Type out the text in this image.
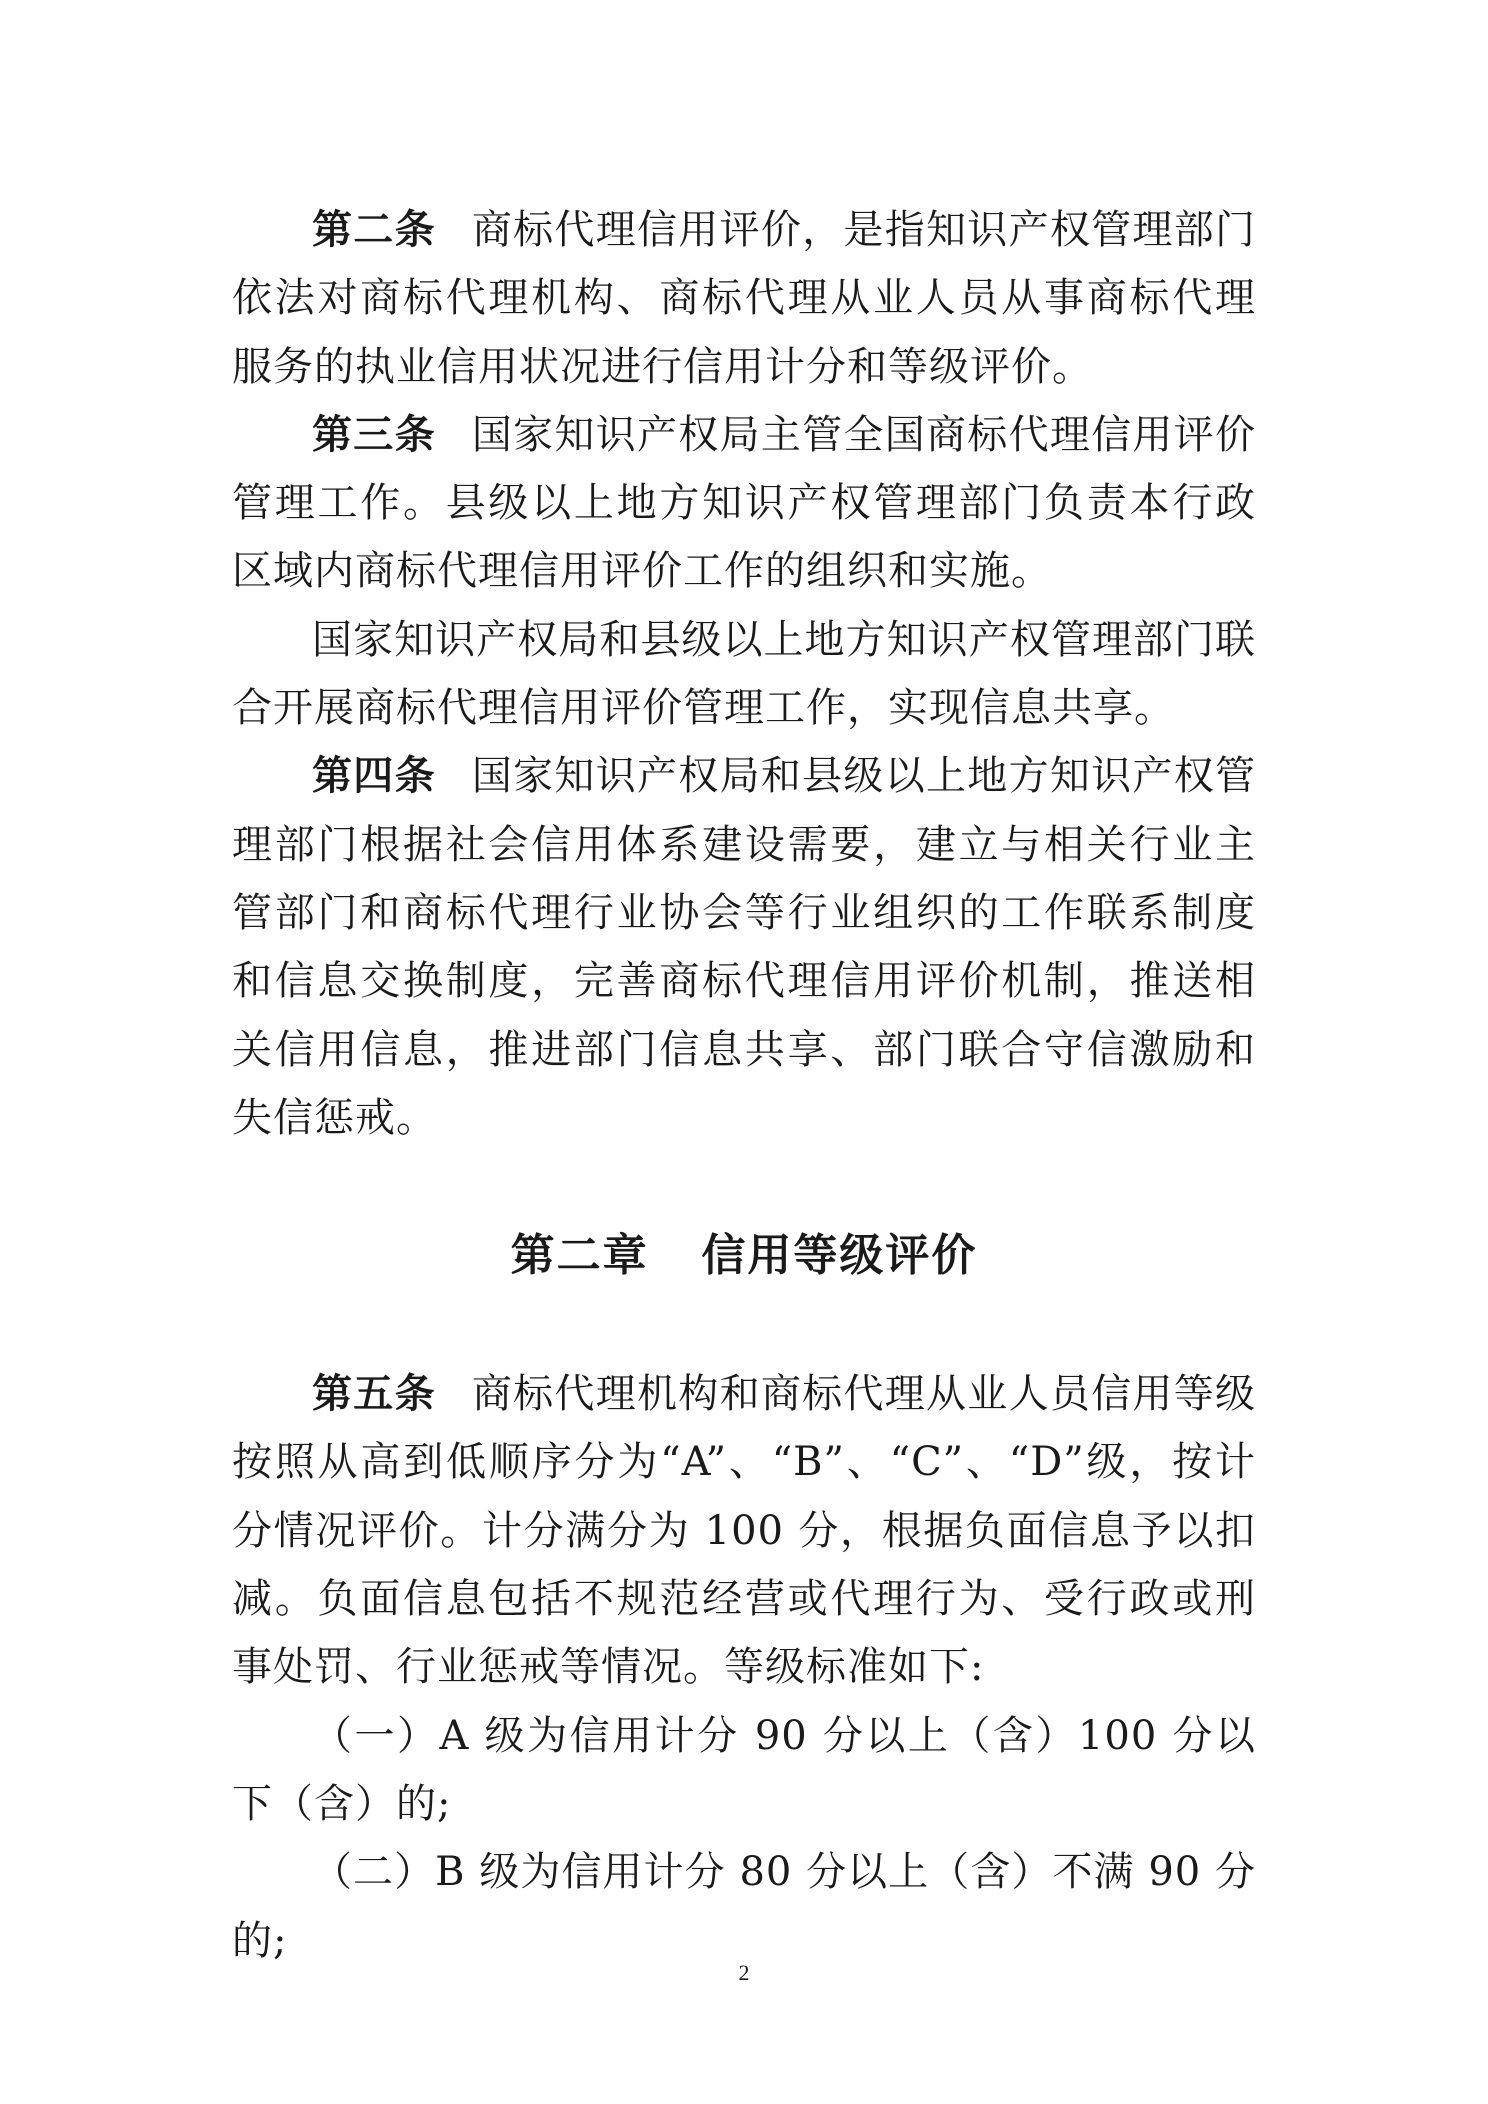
第二条 商标代理信用评价，是指知识产权管理部门依法对商标代理机构、商标代理从业人员从事商标代理服务的执业信用状况进行信用计分和等级评价。

第三条 国家知识产权局主管全国商标代理信用评价管理工作。县级以上地方知识产权管理部门负责本行政区域内商标代理信用评价工作的组织和实施。

国家知识产权局和县级以上地方知识产权管理部门联合开展商标代理信用评价管理工作，实现信息共享。

第四条 国家知识产权局和县级以上地方知识产权管理部门根据社会信用体系建设需要，建立与相关行业主管部门和商标代理行业协会等行业组织的工作联系制度和信息交换制度，完善商标代理信用评价机制，推送相关信用信息，推进部门信息共享、部门联合守信激励和失信惩戒。

第二章 信用等级评价

第五条 商标代理机构和商标代理从业人员信用等级按照从高到低顺序分为“A”、“B”、“C”、“D”级，按计分情况评价。计分满分为 100 分，根据负面信息予以扣减。负面信息包括不规范经营或代理行为、受行政或刑事处罚、行业惩戒等情况。等级标准如下:

（一）A 级为信用计分 90 分以上（含）100 分以下（含）的;

（二）B 级为信用计分 80 分以上（含）不满 90 分的;

2
